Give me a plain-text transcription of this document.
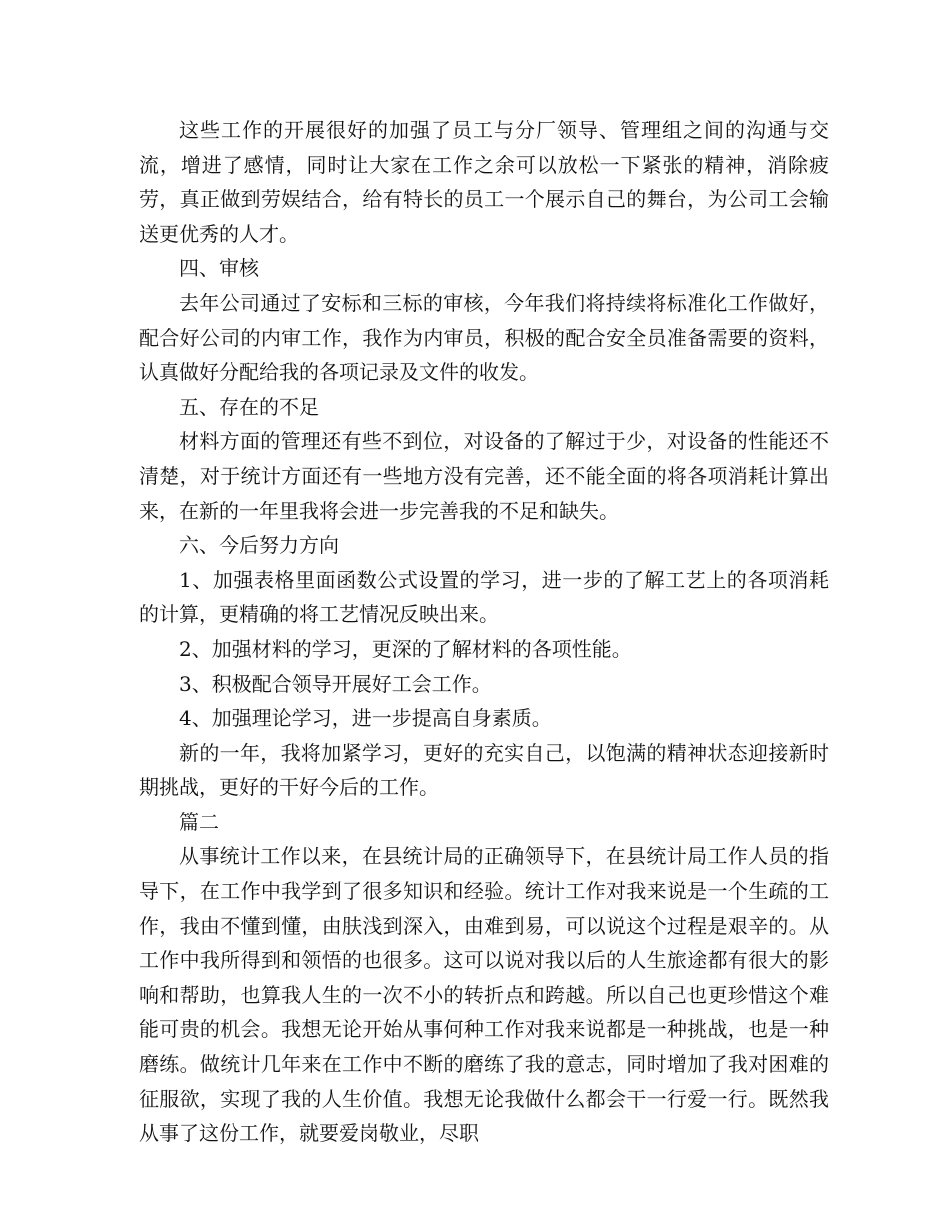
这些工作的开展很好的加强了员工与分厂领导、管理组之间的沟通与交流，增进了感情，同时让大家在工作之余可以放松一下紧张的精神，消除疲劳，真正做到劳娱结合，给有特长的员工一个展示自己的舞台，为公司工会输送更优秀的人才。

四、审核

去年公司通过了安标和三标的审核，今年我们将持续将标准化工作做好，配合好公司的内审工作，我作为内审员，积极的配合安全员准备需要的资料，认真做好分配给我的各项记录及文件的收发。

五、存在的不足

材料方面的管理还有些不到位，对设备的了解过于少，对设备的性能还不清楚，对于统计方面还有一些地方没有完善，还不能全面的将各项消耗计算出来，在新的一年里我将会进一步完善我的不足和缺失。

六、今后努力方向

1、加强表格里面函数公式设置的学习，进一步的了解工艺上的各项消耗的计算，更精确的将工艺情况反映出来。

2、加强材料的学习，更深的了解材料的各项性能。

3、积极配合领导开展好工会工作。

4、加强理论学习，进一步提高自身素质。

新的一年，我将加紧学习，更好的充实自己，以饱满的精神状态迎接新时期挑战，更好的干好今后的工作。

篇二

从事统计工作以来，在县统计局的正确领导下，在县统计局工作人员的指导下，在工作中我学到了很多知识和经验。统计工作对我来说是一个生疏的工作，我由不懂到懂，由肤浅到深入，由难到易，可以说这个过程是艰辛的。从工作中我所得到和领悟的也很多。这可以说对我以后的人生旅途都有很大的影响和帮助，也算我人生的一次不小的转折点和跨越。所以自己也更珍惜这个难能可贵的机会。我想无论开始从事何种工作对我来说都是一种挑战，也是一种磨练。做统计几年来在工作中不断的磨练了我的意志，同时增加了我对困难的征服欲，实现了我的人生价值。我想无论我做什么都会干一行爱一行。既然我从事了这份工作，就要爱岗敬业，尽职
